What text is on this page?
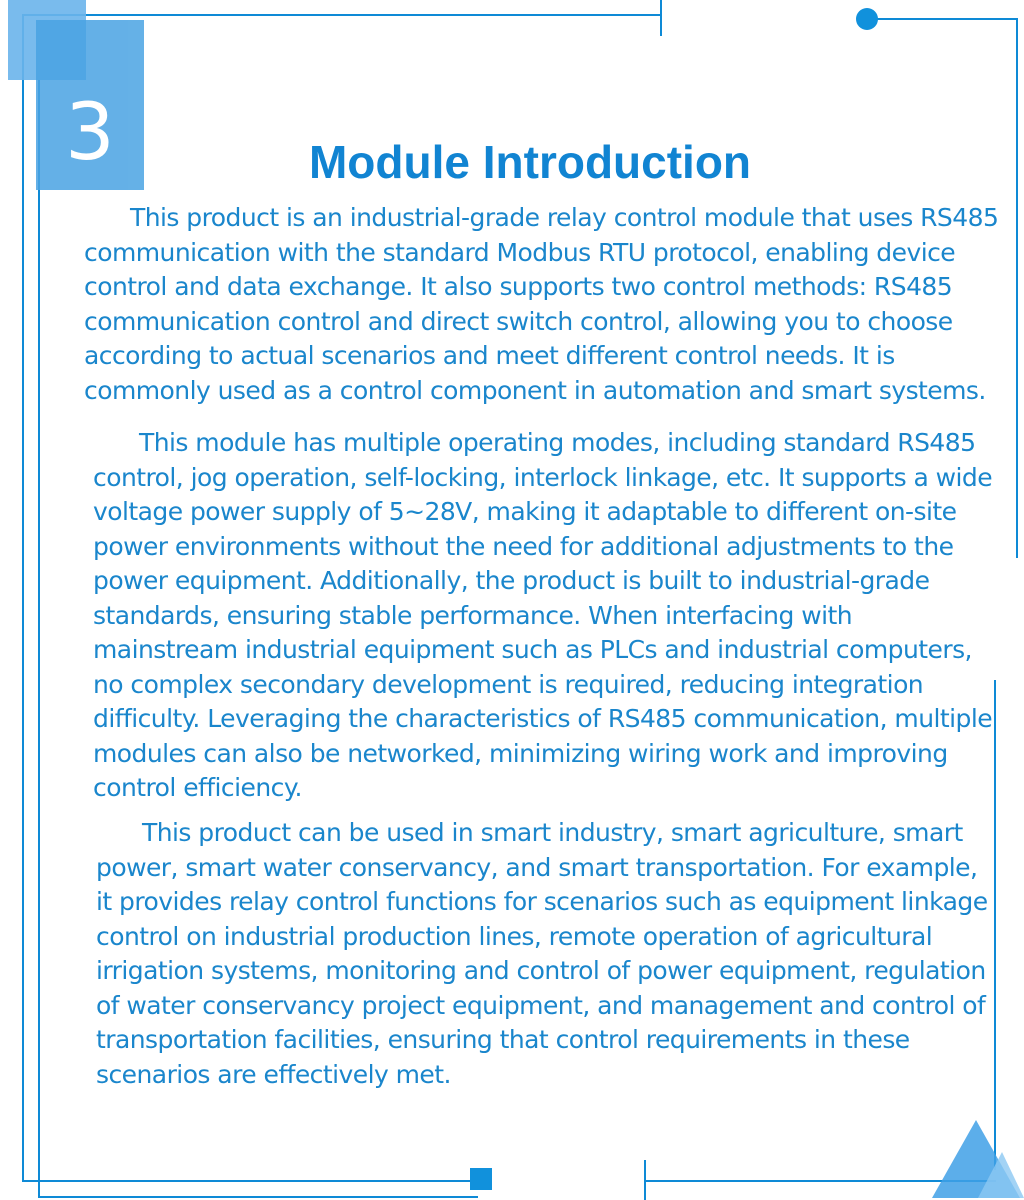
3	Module Introduction

This product is an industrial-grade relay control module that uses RS485 communication with the standard Modbus RTU protocol, enabling device control and data exchange. It also supports two control methods: RS485 communication control and direct switch control, allowing you to choose according to actual scenarios and meet different control needs. It is commonly used as a control component in automation and smart systems.

This module has multiple operating modes, including standard RS485 control, jog operation, self-locking, interlock linkage, etc. It supports a wide voltage power supply of 5~28V, making it adaptable to different on-site power environments without the need for additional adjustments to the power equipment. Additionally, the product is built to industrial-grade standards, ensuring stable performance. When interfacing with mainstream industrial equipment such as PLCs and industrial computers, no complex secondary development is required, reducing integration difficulty. Leveraging the characteristics of RS485 communication, multiple modules can also be networked, minimizing wiring work and improving control efficiency.

This product can be used in smart industry, smart agriculture, smart power, smart water conservancy, and smart transportation. For example, it provides relay control functions for scenarios such as equipment linkage control on industrial production lines, remote operation of agricultural irrigation systems, monitoring and control of power equipment, regulation of water conservancy project equipment, and management and control of transportation facilities, ensuring that control requirements in these scenarios are effectively met.
